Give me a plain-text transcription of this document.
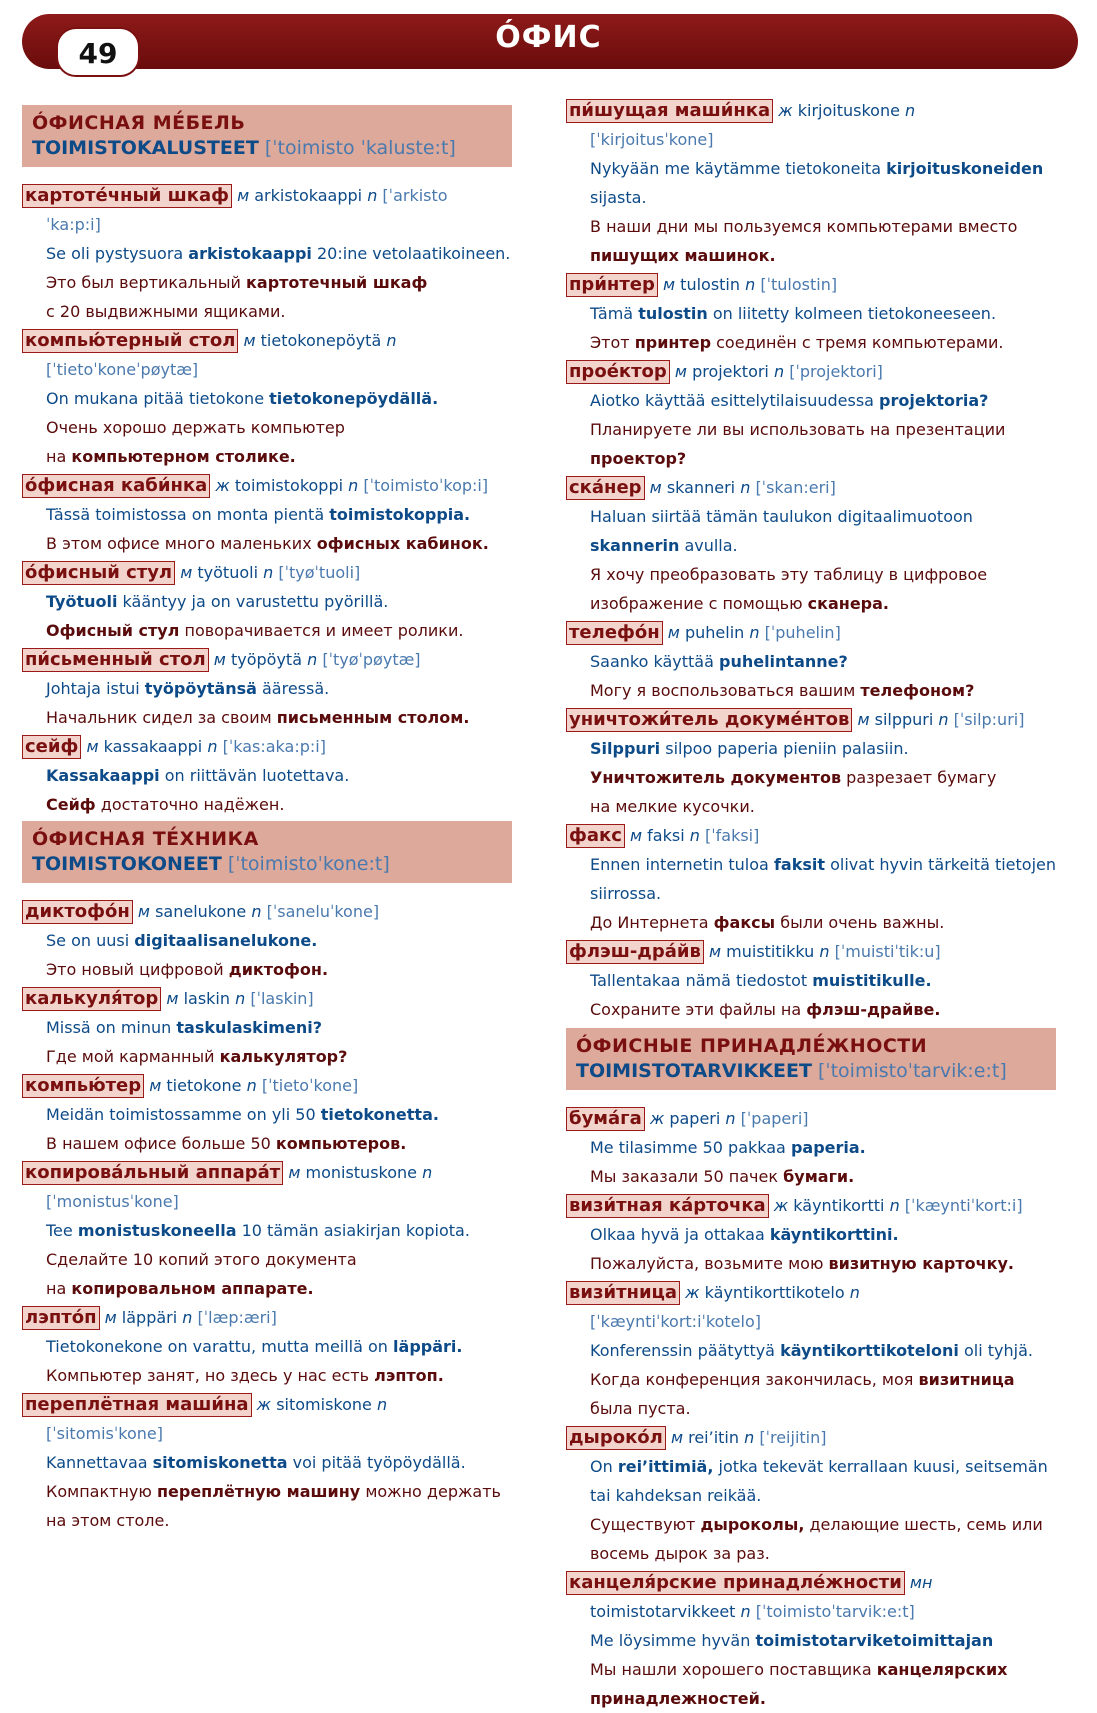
49	ÓФИС
ÓФИСНАЯ МЕ́БЕЛЬ
TOIMISTOKALUSTEET [ˈtoimisto ˈkaluste:t]
картоте́чный шкаф м arkistokaappi n [ˈarkisto
ˈka:p:i]
Se oli pystysuora arkistokaappi 20:ine vetolaatikoineen.
Это был вертикальный картотечный шкаф
с 20 выдвижными ящиками.
компью́терный стол м tietokonepöytä n
[ˈtietoˈkoneˈpøytæ]
On mukana pitää tietokone tietokonepöydällä.
Очень хорошо держать компьютер
на компьютерном столике.
óфисная каби́нка ж toimistokoppi n [ˈtoimistoˈkop:i]
Tässä toimistossa on monta pientä toimistokoppia.
В этом офисе много маленьких офисных кабинок.
óфисный стул м työtuoli n [ˈtyøˈtuoli]
Työtuoli kääntyy ja on varustettu pyörillä.
Офисный стул поворачивается и имеет ролики.
пи́сьменный стол м työpöytä n [ˈtyøˈpøytæ]
Johtaja istui työpöytänsä ääressä.
Начальник сидел за своим письменным столом.
сейф м kassakaappi n [ˈkas:aka:p:i]
Kassakaappi on riittävän luotettava.
Сейф достаточно надёжен.
ÓФИСНАЯ ТЕ́ХНИКА
TOIMISTOKONEET [ˈtoimistoˈkone:t]
диктофо́н м sanelukone n [ˈsaneluˈkone]
Se on uusi digitaalisanelukone.
Это новый цифровой диктофон.
калькуля́тор м laskin n [ˈlaskin]
Missä on minun taskulaskimeni?
Где мой карманный калькулятор?
компью́тер м tietokone n [ˈtietoˈkone]
Meidän toimistossamme on yli 50 tietokonetta.
В нашем офисе больше 50 компьютеров.
копирова́льный аппара́т м monistuskone n
[ˈmonistusˈkone]
Tee monistuskoneella 10 tämän asiakirjan kopiota.
Сделайте 10 копий этого документа
на копировальном аппарате.
лэпто́п м läppäri n [ˈlæp:æri]
Tietokonekone on varattu, mutta meillä on läppäri.
Компьютер занят, но здесь у нас есть лэптоп.
переплётная маши́на ж sitomiskone n
[ˈsitomisˈkone]
Kannettavaa sitomiskonetta voi pitää työpöydällä.
Компактную переплётную машину можно держать
на этом столе.
пи́шущая маши́нка ж kirjoituskone n
[ˈkirjoitusˈkone]
Nykyään me käytämme tietokoneita kirjoituskoneiden
sijasta.
В наши дни мы пользуемся компьютерами вместо
пишущих машинок.
при́нтер м tulostin n [ˈtulostin]
Tämä tulostin on liitetty kolmeen tietokoneeseen.
Этот принтер соединён с тремя компьютерами.
прое́ктор м projektori n [ˈprojektori]
Aiotko käyttää esittelytilaisuudessa projektoria?
Планируете ли вы использовать на презентации
проектор?
ска́нер м skanneri n [ˈskan:eri]
Haluan siirtää tämän taulukon digitaalimuotoon
skannerin avulla.
Я хочу преобразовать эту таблицу в цифровое
изображение с помощью сканера.
телефо́н м puhelin n [ˈpuhelin]
Saanko käyttää puhelintanne?
Могу я воспользоваться вашим телефоном?
уничтожи́тель докуме́нтов м silppuri n [ˈsilp:uri]
Silppuri silpoo paperia pieniin palasiin.
Уничтожитель документов разрезает бумагу
на мелкие кусочки.
факс м faksi n [ˈfaksi]
Ennen internetin tuloa faksit olivat hyvin tärkeitä tietojen
siirrossa.
До Интернета факсы были очень важны.
флэш-дра́йв м muistitikku n [ˈmuistiˈtik:u]
Tallentakaa nämä tiedostot muistitikulle.
Сохраните эти файлы на флэш-драйве.
ÓФИСНЫЕ ПРИНАДЛЕ́ЖНОСТИ
TOIMISTOTARVIKKEET [ˈtoimistoˈtarvik:e:t]
бума́га ж paperi n [ˈpaperi]
Me tilasimme 50 pakkaa paperia.
Мы заказали 50 пачек бумаги.
визи́тная ка́рточка ж käyntikortti n [ˈkæyntiˈkort:i]
Olkaa hyvä ja ottakaa käyntikorttini.
Пожалуйста, возьмите мою визитную карточку.
визи́тница ж käyntikorttikotelo n
[ˈkæyntiˈkort:iˈkotelo]
Konferenssin päätyttyä käyntikorttikoteloni oli tyhjä.
Когда конференция закончилась, моя визитница
была пуста.
дырокóл м rei’itin n [ˈreijitin]
On rei’ittimiä, jotka tekevät kerrallaan kuusi, seitsemän
tai kahdeksan reikää.
Существуют дыроколы, делающие шесть, семь или
восемь дырок за раз.
канцеля́рские принадле́жности мн
toimistotarvikkeet n [ˈtoimistoˈtarvik:e:t]
Me löysimme hyvän toimistotarviketoimittajan
Мы нашли хорошего поставщика канцелярских
принадлежностей.
